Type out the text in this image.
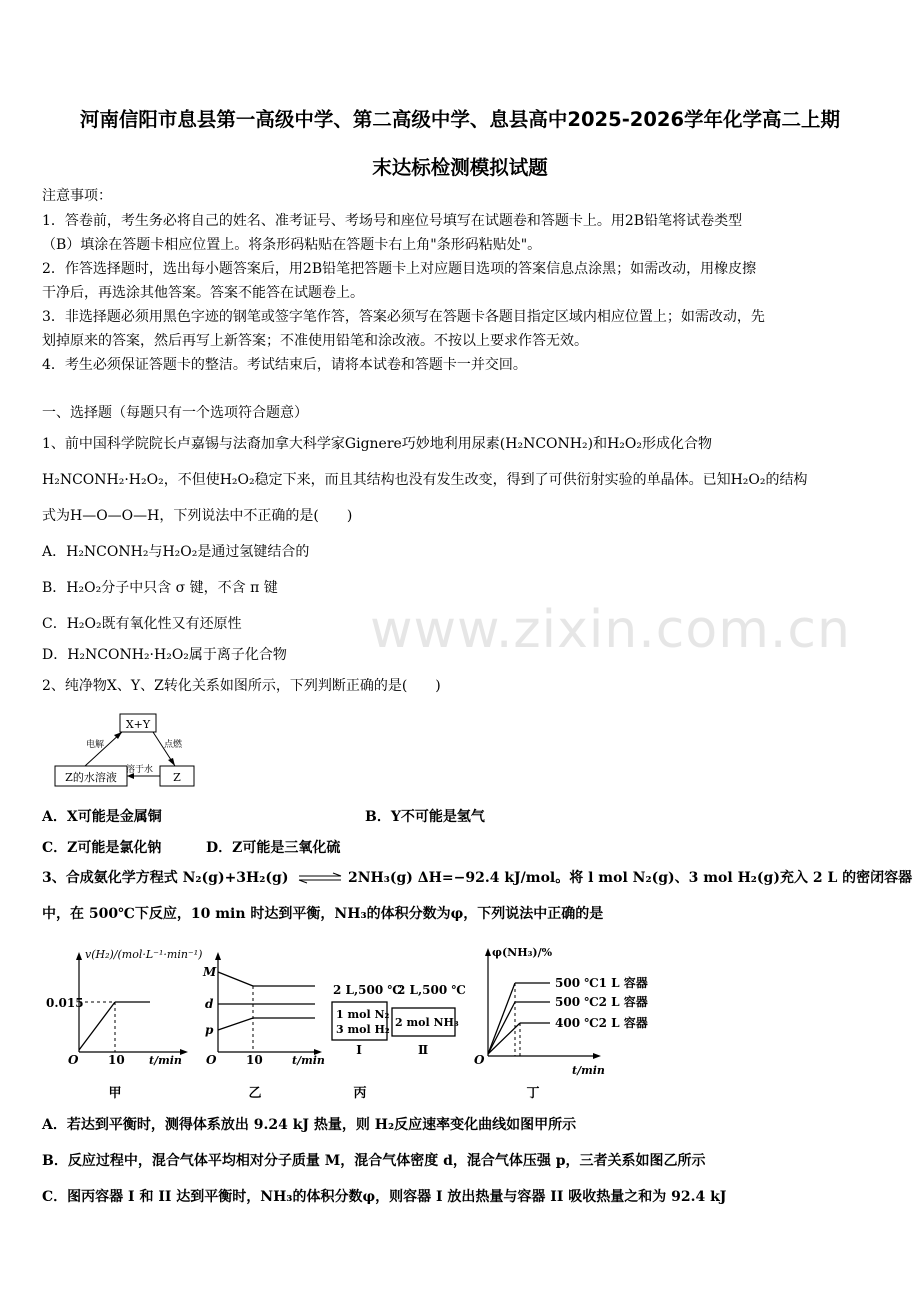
www.zixin.com.cn
河南信阳市息县第一高级中学、第二高级中学、息县高中2025-2026学年化学高二上期
末达标检测模拟试题
注意事项：
1．答卷前，考生务必将自己的姓名、准考证号、考场号和座位号填写在试题卷和答题卡上。用2B铅笔将试卷类型
（B）填涂在答题卡相应位置上。将条形码粘贴在答题卡右上角"条形码粘贴处"。
2．作答选择题时，选出每小题答案后，用2B铅笔把答题卡上对应题目选项的答案信息点涂黑；如需改动，用橡皮擦
干净后，再选涂其他答案。答案不能答在试题卷上。
3．非选择题必须用黑色字迹的钢笔或签字笔作答，答案必须写在答题卡各题目指定区域内相应位置上；如需改动，先
划掉原来的答案，然后再写上新答案；不准使用铅笔和涂改液。不按以上要求作答无效。
4．考生必须保证答题卡的整洁。考试结束后，请将本试卷和答题卡一并交回。
一、选择题（每题只有一个选项符合题意）
1、前中国科学院院长卢嘉锡与法裔加拿大科学家Gignere巧妙地利用尿素(H₂NCONH₂)和H₂O₂形成化合物
H₂NCONH₂·H₂O₂，不但使H₂O₂稳定下来，而且其结构也没有发生改变，得到了可供衍射实验的单晶体。已知H₂O₂的结构
式为H—O—O—H，下列说法中不正确的是(　　)
A．H₂NCONH₂与H₂O₂是通过氢键结合的
B．H₂O₂分子中只含 σ 键，不含 π 键
C．H₂O₂既有氧化性又有还原性
D．H₂NCONH₂·H₂O₂属于离子化合物
2、纯净物X、Y、Z转化关系如图所示，下列判断正确的是(　　)
X+Y
Z的水溶液	Z
电解	点燃
溶于水
A．X可能是金属铜	B．Y不可能是氢气
C．Z可能是氯化钠	D．Z可能是三氧化硫
3、合成氨化学方程式 N₂(g)+3H₂(g) ⇌ 2NH₃(g) ΔH=−92.4 kJ/mol。将 l mol N₂(g)、3 mol H₂(g)充入 2 L 的密闭容器
中，在 500℃下反应，10 min 时达到平衡，NH₃的体积分数为φ，下列说法中正确的是
v(H₂)/(mol·L⁻¹·min⁻¹)
0.015
O 10 t/min
甲
M
d
p
O 10	t/min
乙
2 L,500 ℃
1 mol N₂
3 mol H₂
Ⅰ
2 L,500 ℃
2 mol NH₃
Ⅱ
丙
φ(NH₃)/%
500 ℃1 L 容器
500 ℃2 L 容器
400 ℃2 L 容器
O
t/min
丁
A．若达到平衡时，测得体系放出 9.24 kJ 热量，则 H₂反应速率变化曲线如图甲所示
B．反应过程中，混合气体平均相对分子质量 M，混合气体密度 d，混合气体压强 p，三者关系如图乙所示
C．图丙容器 I 和 II 达到平衡时，NH₃的体积分数φ，则容器 I 放出热量与容器 II 吸收热量之和为 92.4 kJ
